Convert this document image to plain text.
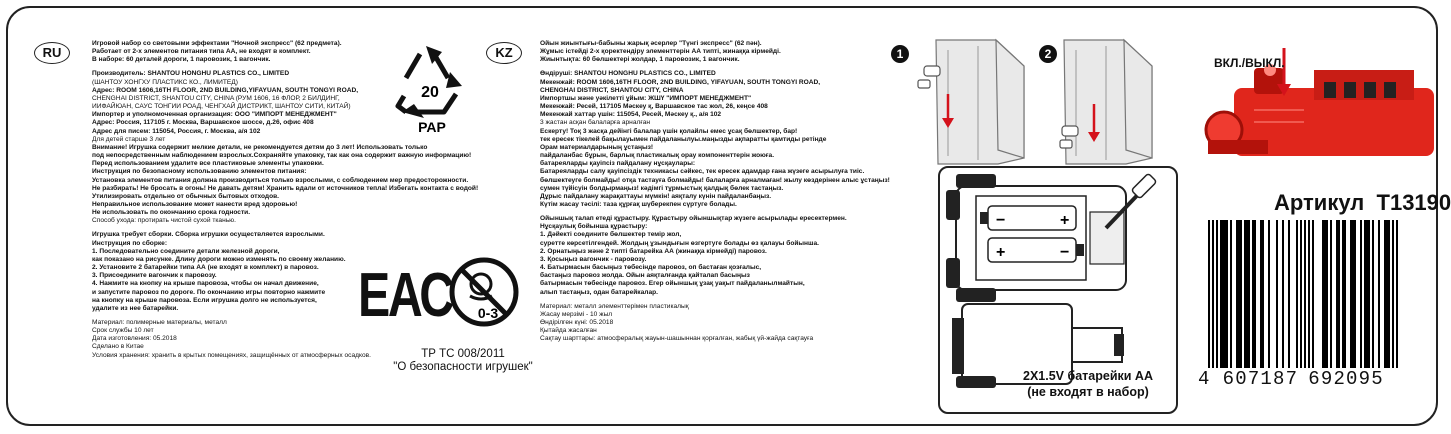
RU

Игровой набор со световыми эффектами "Ночной экспресс" (62 предмета).

Работает от 2-х элементов питания типа АА, не входят в комплект.

В наборе: 60 деталей дороги, 1 паровозик, 1 вагончик.

Производитель: SHANTOU HONGHU PLASTICS CO., LIMITED

(ШАНТОУ ХОНГХУ ПЛАСТИКС КО., ЛИМИТЕД)

Адрес: ROOM 1606,16TH FLOOR, 2ND BUILDING,YIFAYUAN, SOUTH TONGYI ROAD,

CHENGHAI DISTRICT, SHANTOU CITY, CHINA (РУМ 1606, 16 ФЛОР, 2 БИЛДИНГ,

ИИФАЙЮАН, САУС ТОНГИИ РОАД, ЧЕНГХАЙ ДИСТРИКТ, ШАНТОУ СИТИ, КИТАЙ)

Импортер и уполномоченная организация: ООО "ИМПОРТ МЕНЕДЖМЕНТ"

Адрес: Россия, 117105 г. Москва, Варшавское шоссе, д.26, офис 408

Адрес для писем: 115054, Россия, г. Москва, а/я 102

Для детей старше 3 лет

Внимание! Игрушка содержит мелкие детали, не рекомендуется детям до 3 лет! Использовать только

под непосредственным наблюдением взрослых.Сохраняйте упаковку, так как она содержит важную информацию!

Перед использованием удалите все пластиковые элементы упаковки.

Инструкция по безопасному использованию элементов питания:

Установка элементов питания должна производиться только взрослыми, с соблюдением мер предосторожности.

Не разбирать! Не бросать в огонь! Не давать детям! Хранить вдали от источников тепла! Избегать контакта с водой!

Утилизировать отдельно от обычных бытовых отходов.

Неправильное использование может нанести вред здоровью!

Не использовать по окончанию срока годности.

Способ ухода: протирать чистой сухой тканью.

Игрушка требует сборки. Сборка игрушки осуществляется взрослыми.

Инструкция по сборке:

1. Последовательно соедините детали железной дороги,

как показано на рисунке. Длину дороги можно изменять по своему желанию.

2. Установите 2 батарейки типа АА (не входят в комплект) в паровоз.

3. Присоедините вагончик к паровозу.

4. Нажмите на кнопку на крыше паровоза, чтобы он начал движение,

и запустите паровоз по дороге. По окончанию игры повторно нажмите

на кнопку на крыше паровоза. Если игрушка долго не используется,

удалите из нее батарейки.

Материал: полимерные материалы, металл

Срок службы 10 лет

Дата изготовления: 05.2018

Сделано в Китае

Условия хранения: хранить в крытых помещениях, защищённых от атмосферных осадков.

20
PAP
ЕАС 0-3
ТР ТС 008/2011
"О безопасности игрушек"
KZ

Ойын жиынтығы-бабыны жарық әсерлер "Түнгі экспресс" (62 пән).

Жұмыс істейді 2-х қоректендіру элементтерін АА типті, жинаққа кірмейді.

Жиынтықта: 60 бөлшектері жолдар, 1 паровозик, 1 вагончик.

Өндіруші: SHANTOU HONGHU PLASTICS CO., LIMITED

Мекенжай: ROOM 1606,16TH FLOOR, 2ND BUILDING, YIFAYUAN, SOUTH TONGYI ROAD,

CHENGHAI DISTRICT, SHANTOU CITY, CHINA

Импортшы және уәкілетті ұйым: ЖШҮ "ИМПОРТ МЕНЕДЖМЕНТ"

Мекенжай: Ресей, 117105 Мәскеу қ, Варшавское тас жол, 26, кеңсе 408

Мекенжай хаттар үшін: 115054, Ресей, Мәскеу қ., а/я 102

3 жастан асқан балаларға арналған

Ескерту! Тоқ 3 жасқа дейінгі балалар үшін қолайлы емес ұсақ бөлшектер, бар!

тек ересек тікелей бақылауымен пайдаланылуы.маңызды ақпаратты қамтиды ретінде

Орам материалдарының ұстаңыз!

пайдаланбас бұрын, барлық пластикалық орау компоненттерін жоюға.

батареяларды қауіпсіз пайдалану нұсқаулары:

Батареяларды салу қауіпсіздік техникасы сәйкес, тек ересек адамдар ғана жүзеге асырылуға тиіс.

бөлшектеуге болмайды! отқа тастауға болмайды! балаларға арналмаған! жылу көздерінен алыс ұстаңыз!

сумен түйісуін болдырмаңыз! кәдімгі тұрмыстық қалдық бөлек тастаңыз.

Дұрыс пайдалану жарақаттауы мүмкін! аяқталу күнін пайдаланбаңыз.

Күтім жасау тәсілі: таза құрғақ шүберекпен сүртуге болады.

Ойыншық талап етеді құрастыру. Құрастыру ойыншықтар жүзеге асырылады ересектермен.

Нұсқаулық бойынша құрастыру:

1. Дәйекті соедините бөлшектер темір жол,

суретте көрсетілгендей. Жолдың ұзындығын өзгертуге болады өз қалауы бойынша.

2. Орнатыңыз және 2 типті батарейка АА (жинаққа кірмейді) паровоз.

3. Қосыңыз вагончик - паровозу.

4. Батырмасын басыңыз төбесінде паровоз, оп бастаған қозғалыс,

бастаңыз паровоз жолда. Ойын аяқталғанда қайталап басыңыз

батырмасын төбесінде паровоз. Егер ойыншық ұзақ уақыт пайдаланылмайтын,

алып тастаңыз, одан батарейкалар.

Материал: металл элементтерімен пластикалық

Жасау мерзімі - 10 жыл

Өндірілген күні: 05.2018

Қытайда жасалған

Сақтау шарттары: атмосфералық жауын-шашыннан қорғалған, жабық үй-жайда сақтауға

1	2
ВКЛ./ВЫКЛ.
−	+
+	−
2X1.5V батарейки АА
(не входят в набор)
Артикул T13190
4 607187 692095
